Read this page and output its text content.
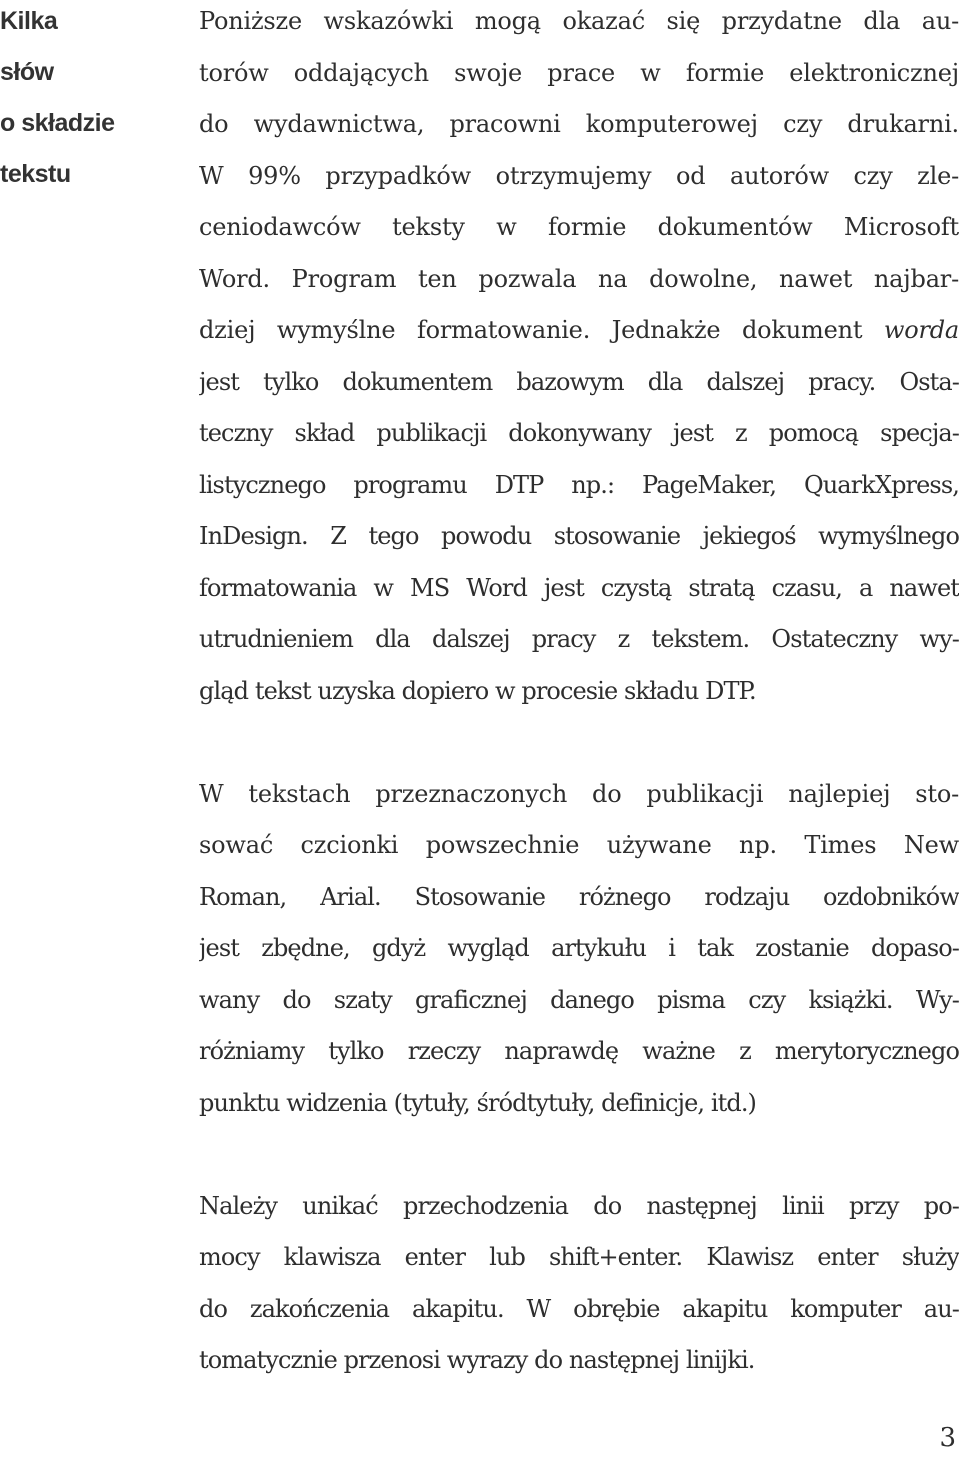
Kilka
słów
o składzie
tekstu
Poniższe wskazówki mogą okazać się przydatne dla au-
torów oddających swoje prace w formie elektronicznej
do wydawnictwa, pracowni komputerowej czy drukarni.
W 99% przypadków otrzymujemy od autorów czy zle-
ceniodawców teksty w formie dokumentów Microsoft
Word. Program ten pozwala na dowolne, nawet najbar-
dziej wymyślne formatowanie. Jednakże dokument worda
jest tylko dokumentem bazowym dla dalszej pracy. Osta-
teczny skład publikacji dokonywany jest z pomocą specja-
listycznego programu DTP np.: PageMaker, QuarkXpress,
InDesign. Z tego powodu stosowanie jekiegoś wymyślnego
formatowania w MS Word jest czystą stratą czasu, a nawet
utrudnieniem dla dalszej pracy z tekstem. Ostateczny wy-
gląd tekst uzyska dopiero w procesie składu DTP.
W tekstach przeznaczonych do publikacji najlepiej sto-
sować czcionki powszechnie używane np. Times New
Roman, Arial. Stosowanie różnego rodzaju ozdobników
jest zbędne, gdyż wygląd artykułu i tak zostanie dopaso-
wany do szaty graficznej danego pisma czy książki. Wy-
różniamy tylko rzeczy naprawdę ważne z merytorycznego
punktu widzenia (tytuły, śródtytuły, definicje, itd.)
Należy unikać przechodzenia do następnej linii przy po-
mocy klawisza enter lub shift+enter. Klawisz enter służy
do zakończenia akapitu. W obrębie akapitu komputer au-
tomatycznie przenosi wyrazy do następnej linijki.
3
